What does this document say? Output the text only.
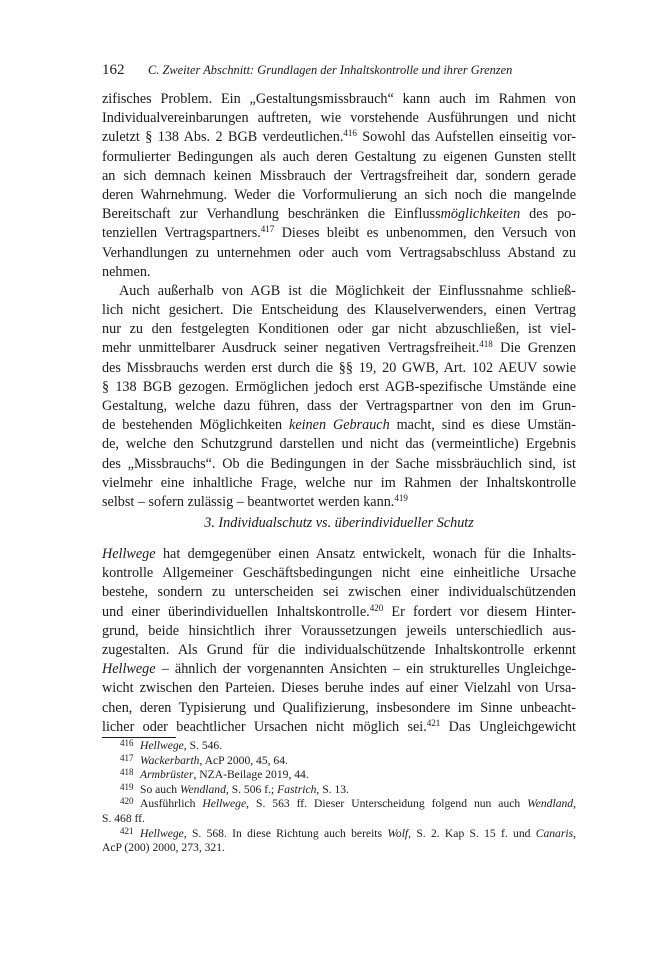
162 C. Zweiter Abschnitt: Grundlagen der Inhaltskontrolle und ihrer Grenzen
zifisches Problem. Ein „Gestaltungsmissbrauch“ kann auch im Rahmen von
Individualvereinbarungen auftreten, wie vorstehende Ausführungen und nicht
zuletzt § 138 Abs. 2 BGB verdeutlichen.$^{416}$ Sowohl das Aufstellen einseitig vor-
formulierter Bedingungen als auch deren Gestaltung zu eigenen Gunsten stellt
an sich demnach keinen Missbrauch der Vertragsfreiheit dar, sondern gerade
deren Wahrnehmung. Weder die Vorformulierung an sich noch die mangelnde
Bereitschaft zur Verhandlung beschränken die Einflussmöglichkeiten des po-
tenziellen Vertragspartners.$^{417}$ Dieses bleibt es unbenommen, den Versuch von
Verhandlungen zu unternehmen oder auch vom Vertragsabschluss Abstand zu
nehmen.
Auch außerhalb von AGB ist die Möglichkeit der Einflussnahme schließ-
lich nicht gesichert. Die Entscheidung des Klauselverwenders, einen Vertrag
nur zu den festgelegten Konditionen oder gar nicht abzuschließen, ist viel-
mehr unmittelbarer Ausdruck seiner negativen Vertragsfreiheit.$^{418}$ Die Grenzen
des Missbrauchs werden erst durch die §§ 19, 20 GWB, Art. 102 AEUV sowie
§ 138 BGB gezogen. Ermöglichen jedoch erst AGB-spezifische Umstände eine
Gestaltung, welche dazu führen, dass der Vertragspartner von den im Grun-
de bestehenden Möglichkeiten keinen Gebrauch macht, sind es diese Umstän-
de, welche den Schutzgrund darstellen und nicht das (vermeintliche) Ergebnis
des „Missbrauchs“. Ob die Bedingungen in der Sache missbräuchlich sind, ist
vielmehr eine inhaltliche Frage, welche nur im Rahmen der Inhaltskontrolle
selbst – sofern zulässig – beantwortet werden kann.$^{419}$
3. Individualschutz vs. überindividueller Schutz
Hellwege hat demgegenüber einen Ansatz entwickelt, wonach für die Inhalts-
kontrolle Allgemeiner Geschäftsbedingungen nicht eine einheitliche Ursache
bestehe, sondern zu unterscheiden sei zwischen einer individualschützenden
und einer überindividuellen Inhaltskontrolle.$^{420}$ Er fordert vor diesem Hinter-
grund, beide hinsichtlich ihrer Voraussetzungen jeweils unterschiedlich aus-
zugestalten. Als Grund für die individualschützende Inhaltskontrolle erkennt
Hellwege – ähnlich der vorgenannten Ansichten – ein strukturelles Ungleichge-
wicht zwischen den Parteien. Dieses beruhe indes auf einer Vielzahl von Ursa-
chen, deren Typisierung und Qualifizierung, insbesondere im Sinne unbeacht-
licher oder beachtlicher Ursachen nicht möglich sei.$^{421}$ Das Ungleichgewicht
416 Hellwege, S. 546.
417 Wackerbarth, AcP 2000, 45, 64.
418 Armbrüster, NZA-Beilage 2019, 44.
419 So auch Wendland, S. 506 f.; Fastrich, S. 13.
420 Ausführlich Hellwege, S. 563 ff. Dieser Unterscheidung folgend nun auch Wendland,
S. 468 ff.
421 Hellwege, S. 568. In diese Richtung auch bereits Wolf, S. 2. Kap S. 15 f. und Canaris,
AcP (200) 2000, 273, 321.
